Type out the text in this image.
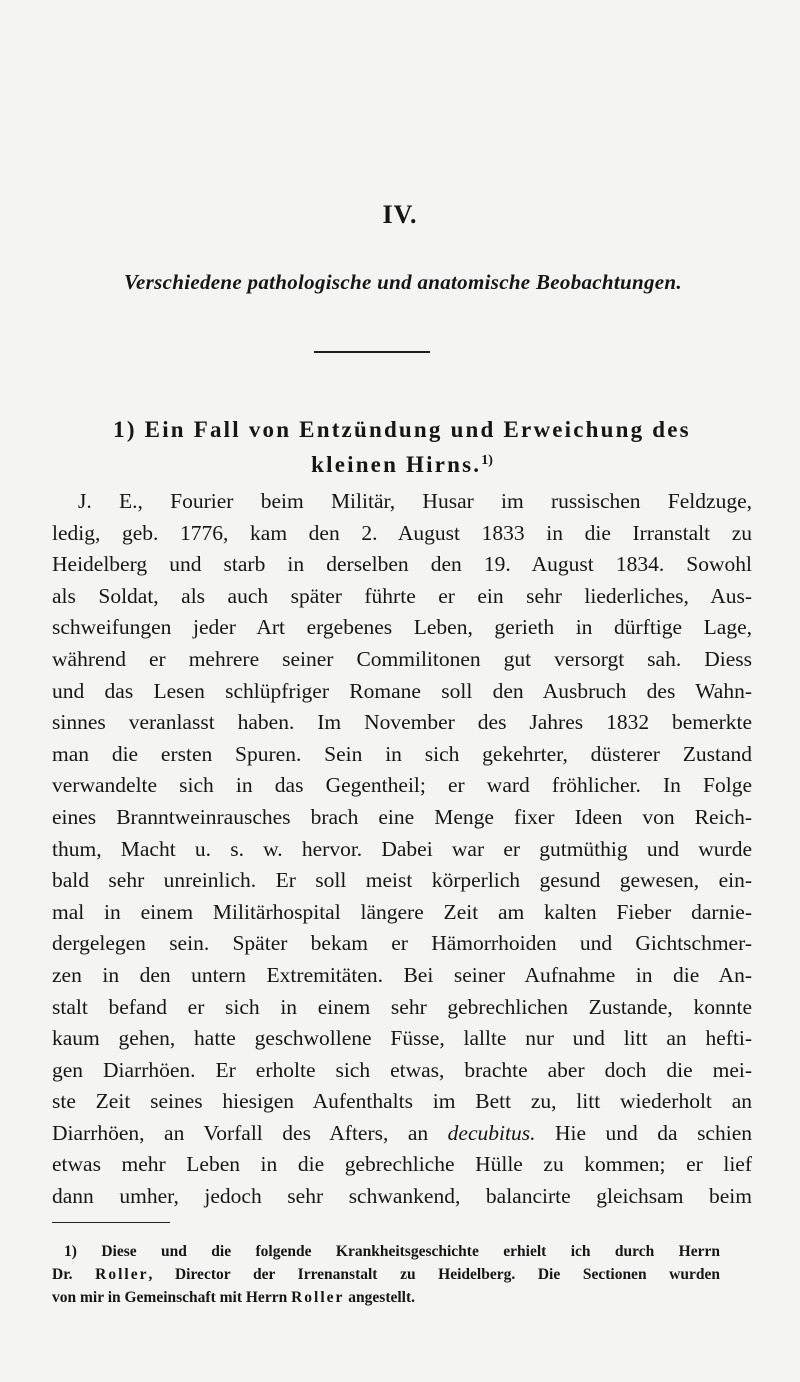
IV.
Verschiedene pathologische und anatomische Beobachtungen.
1) Ein Fall von Entzündung und Erweichung des
kleinen Hirns.$^{1)}$
J. E., Fourier beim Militär, Husar im russischen Feldzuge,
ledig, geb. 1776, kam den 2. August 1833 in die Irranstalt zu
Heidelberg und starb in derselben den 19. August 1834. Sowohl
als Soldat, als auch später führte er ein sehr liederliches, Aus-
schweifungen jeder Art ergebenes Leben, gerieth in dürftige Lage,
während er mehrere seiner Commilitonen gut versorgt sah. Diess
und das Lesen schlüpfriger Romane soll den Ausbruch des Wahn-
sinnes veranlasst haben. Im November des Jahres 1832 bemerkte
man die ersten Spuren. Sein in sich gekehrter, düsterer Zustand
verwandelte sich in das Gegentheil; er ward fröhlicher. In Folge
eines Branntweinrausches brach eine Menge fixer Ideen von Reich-
thum, Macht u. s. w. hervor. Dabei war er gutmüthig und wurde
bald sehr unreinlich. Er soll meist körperlich gesund gewesen, ein-
mal in einem Militärhospital längere Zeit am kalten Fieber darnie-
dergelegen sein. Später bekam er Hämorrhoiden und Gichtschmer-
zen in den untern Extremitäten. Bei seiner Aufnahme in die An-
stalt befand er sich in einem sehr gebrechlichen Zustande, konnte
kaum gehen, hatte geschwollene Füsse, lallte nur und litt an hefti-
gen Diarrhöen. Er erholte sich etwas, brachte aber doch die mei-
ste Zeit seines hiesigen Aufenthalts im Bett zu, litt wiederholt an
Diarrhöen, an Vorfall des Afters, an decubitus. Hie und da schien
etwas mehr Leben in die gebrechliche Hülle zu kommen; er lief
dann umher, jedoch sehr schwankend, balancirte gleichsam beim
1) Diese und die folgende Krankheitsgeschichte erhielt ich durch Herrn
Dr. Roller, Director der Irrenanstalt zu Heidelberg. Die Sectionen wurden
von mir in Gemeinschaft mit Herrn Roller angestellt.
